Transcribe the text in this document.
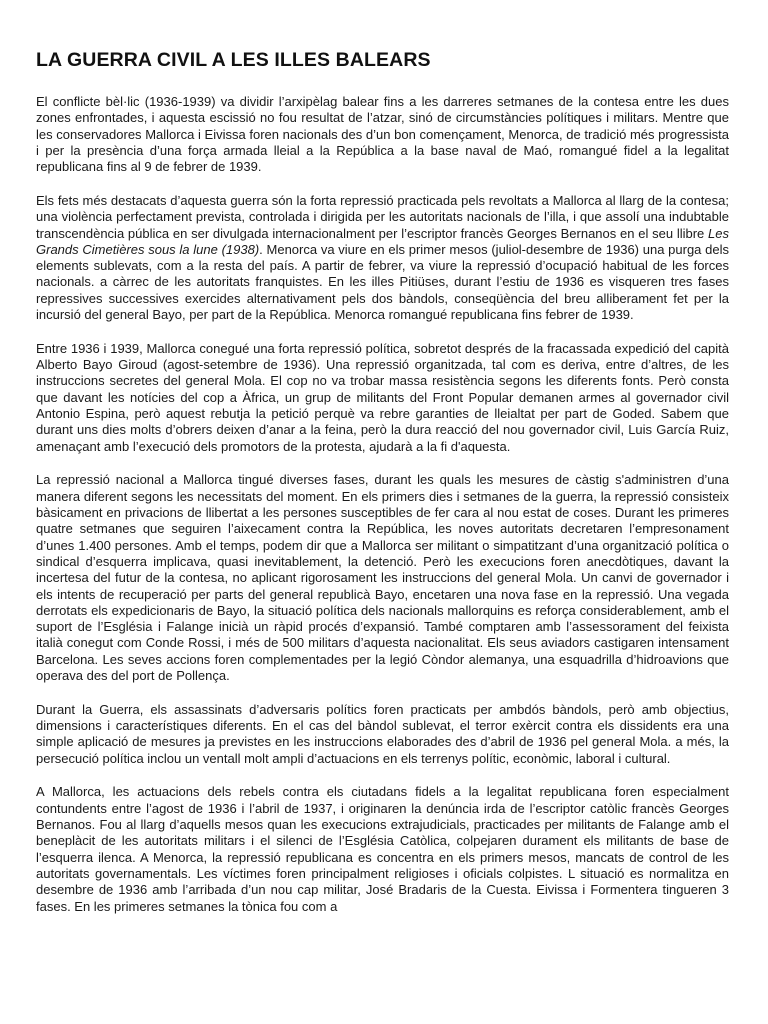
LA GUERRA CIVIL A LES ILLES BALEARS

El conflicte bèl·lic (1936-1939) va dividir l’arxipèlag balear fins a les darreres setmanes de la contesa entre les dues zones enfrontades, i aquesta escissió no fou resultat de l’atzar, sinó de circumstàncies polítiques i militars. Mentre que les conservadores Mallorca i Eivissa foren nacionals des d’un bon començament, Menorca, de tradició més progressista i per la presència d’una força armada lleial a la República a la base naval de Maó, romangué fidel a la legalitat republicana fins al 9 de febrer de 1939.

Els fets més destacats d’aquesta guerra són la forta repressió practicada pels revoltats a Mallorca al llarg de la contesa; una violència perfectament prevista, controlada i dirigida per les autoritats nacionals de l’illa, i que assolí una indubtable transcendència pública en ser divulgada internacionalment per l’escriptor francès Georges Bernanos en el seu llibre Les Grands Cimetières sous la lune (1938). Menorca va viure en els primer mesos (juliol-desembre de 1936) una purga dels elements sublevats, com a la resta del país. A partir de febrer, va viure la repressió d’ocupació habitual de les forces nacionals. a càrrec de les autoritats franquistes. En les illes Pitiüses, durant l’estiu de 1936 es visqueren tres fases repressives successives exercides alternativament pels dos bàndols, conseqüència del breu alliberament fet per la incursió del general Bayo, per part de la República. Menorca romangué republicana fins febrer de 1939.

Entre 1936 i 1939, Mallorca conegué una forta repressió política, sobretot després de la fracassada expedició del capità Alberto Bayo Giroud (agost-setembre de 1936). Una repressió organitzada, tal com es deriva, entre d’altres, de les instruccions secretes del general Mola. El cop no va trobar massa resistència segons les diferents fonts. Però consta que davant les notícies del cop a Àfrica, un grup de militants del Front Popular demanen armes al governador civil Antonio Espina, però aquest rebutja la petició perquè va rebre garanties de lleialtat per part de Goded. Sabem que durant uns dies molts d’obrers deixen d’anar a la feina, però la dura reacció del nou governador civil, Luis García Ruiz, amenaçant amb l’execució dels promotors de la protesta, ajudarà a la fi d'aquesta.

La repressió nacional a Mallorca tingué diverses fases, durant les quals les mesures de càstig s'administren d’una manera diferent segons les necessitats del moment. En els primers dies i setmanes de la guerra, la repressió consisteix bàsicament en privacions de llibertat a les persones susceptibles de fer cara al nou estat de coses. Durant les primeres quatre setmanes que seguiren l’aixecament contra la República, les noves autoritats decretaren l’empresonament d’unes 1.400 persones. Amb el temps, podem dir que a Mallorca ser militant o simpatitzant d’una organització política o sindical d’esquerra implicava, quasi inevitablement, la detenció. Però les execucions foren anecdòtiques, davant la incertesa del futur de la contesa, no aplicant rigorosament les instruccions del general Mola. Un canvi de governador i els intents de recuperació per parts del general republicà Bayo, encetaren una nova fase en la repressió. Una vegada derrotats els expedicionaris de Bayo, la situació política dels nacionals mallorquins es reforça considerablement, amb el suport de l’Església i Falange inicià un ràpid procés d’expansió. També comptaren amb l’assessorament del feixista italià conegut com Conde Rossi, i més de 500 militars d’aquesta nacionalitat. Els seus aviadors castigaren intensament Barcelona. Les seves accions foren complementades per la legió Còndor alemanya, una esquadrilla d’hidroavions que operava des del port de Pollença.

Durant la Guerra, els assassinats d’adversaris polítics foren practicats per ambdós bàndols, però amb objectius, dimensions i característiques diferents. En el cas del bàndol sublevat, el terror exèrcit contra els dissidents era una simple aplicació de mesures ja previstes en les instruccions elaborades des d’abril de 1936 pel general Mola. a més, la persecució política inclou un ventall molt ampli d’actuacions en els terrenys polític, econòmic, laboral i cultural.

A Mallorca, les actuacions dels rebels contra els ciutadans fidels a la legalitat republicana foren especialment contundents entre l’agost de 1936 i l’abril de 1937, i originaren la denúncia irda de l’escriptor catòlic francès Georges Bernanos. Fou al llarg d’aquells mesos quan les execucions extrajudicials, practicades per militants de Falange amb el beneplàcit de les autoritats militars i el silenci de l’Església Catòlica, colpejaren durament els militants de base de l’esquerra ilenca. A Menorca, la repressió republicana es concentra en els primers mesos, mancats de control de les autoritats governamentals. Les víctimes foren principalment religioses i oficials colpistes. L situació es normalitza en desembre de 1936 amb l’arribada d’un nou cap militar, José Bradaris de la Cuesta. Eivissa i Formentera tingueren 3 fases. En les primeres setmanes la tònica fou com a
